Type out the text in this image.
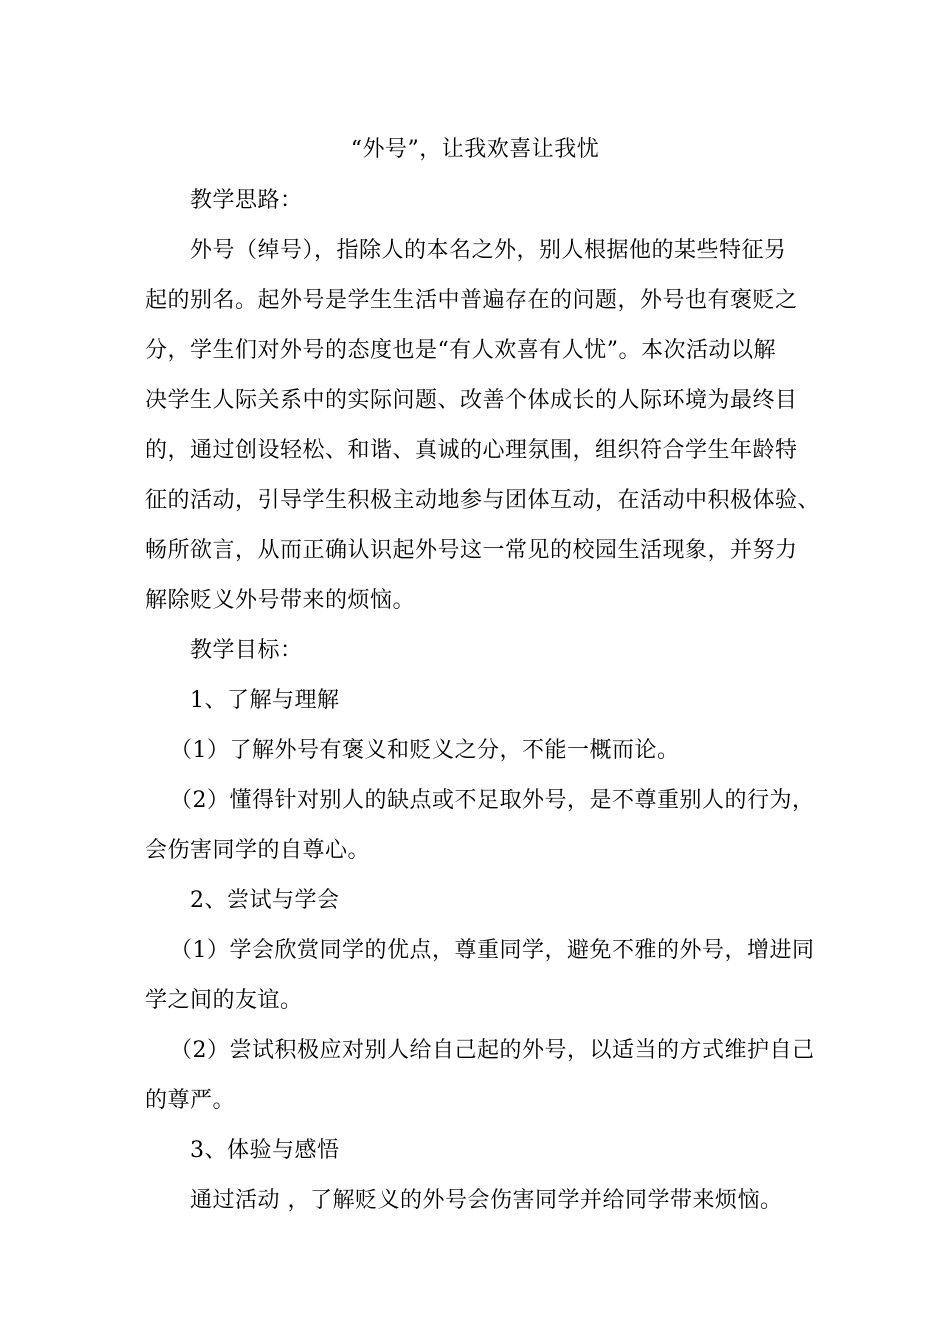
“外号”，让我欢喜让我忧
教学思路：
外号（绰号），指除人的本名之外，别人根据他的某些特征另
起的别名。起外号是学生生活中普遍存在的问题，外号也有褒贬之
分，学生们对外号的态度也是“有人欢喜有人忧”。本次活动以解
决学生人际关系中的实际问题、改善个体成长的人际环境为最终目
的，通过创设轻松、和谐、真诚的心理氛围，组织符合学生年龄特
征的活动，引导学生积极主动地参与团体互动，在活动中积极体验、
畅所欲言，从而正确认识起外号这一常见的校园生活现象，并努力
解除贬义外号带来的烦恼。
教学目标：
1、了解与理解
（1）了解外号有褒义和贬义之分，不能一概而论。
（2）懂得针对别人的缺点或不足取外号，是不尊重别人的行为，
会伤害同学的自尊心。
2、尝试与学会
（1）学会欣赏同学的优点，尊重同学，避免不雅的外号，增进同
学之间的友谊。
（2）尝试积极应对别人给自己起的外号，以适当的方式维护自己
的尊严。
3、体验与感悟
通过活动 ，了解贬义的外号会伤害同学并给同学带来烦恼。
